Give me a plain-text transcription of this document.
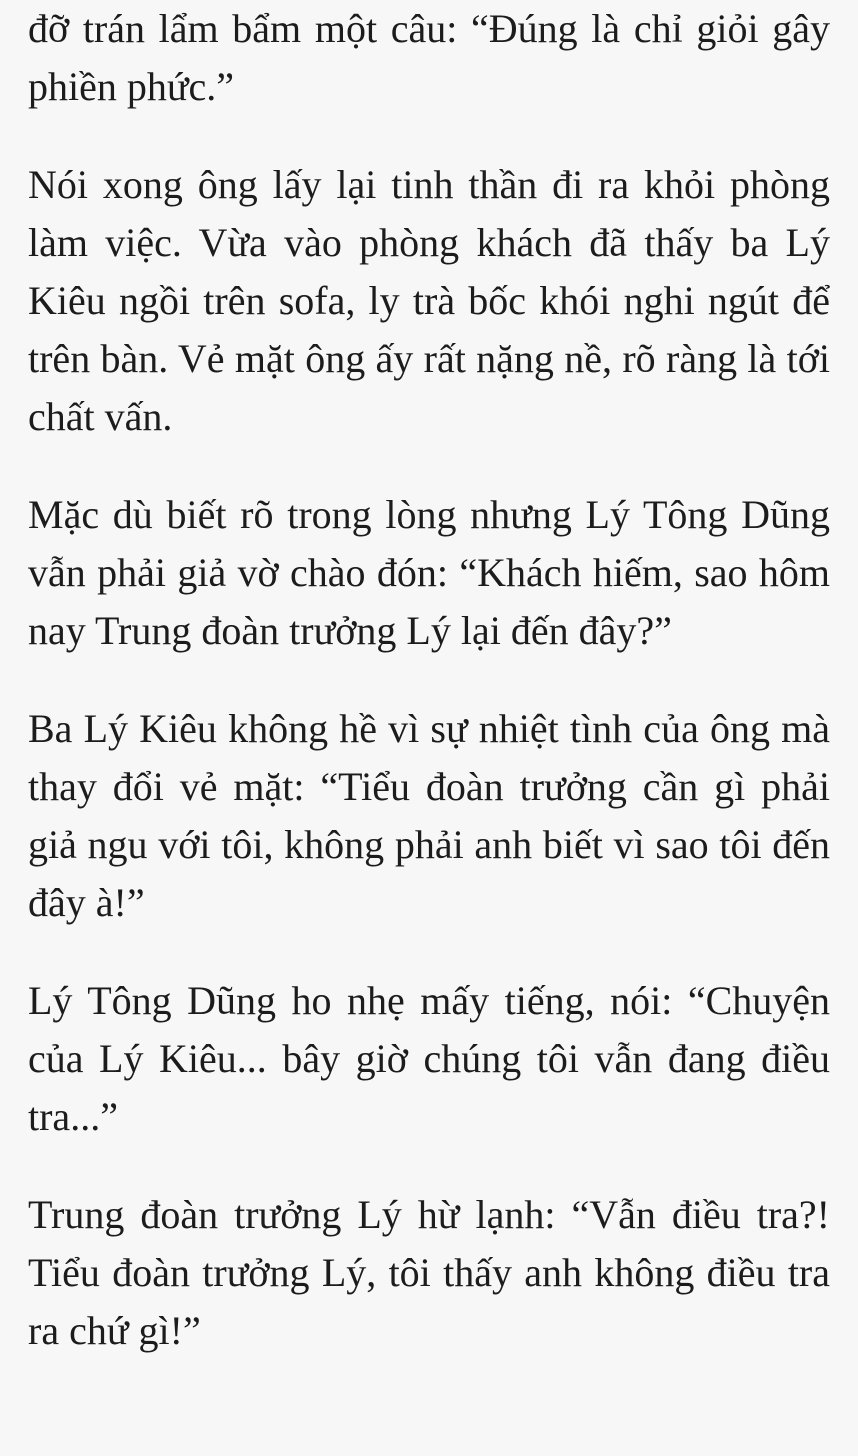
đỡ trán lẩm bẩm một câu: “Đúng là chỉ giỏi gây phiền phức.”

Nói xong ông lấy lại tinh thần đi ra khỏi phòng làm việc. Vừa vào phòng khách đã thấy ba Lý Kiêu ngồi trên sofa, ly trà bốc khói nghi ngút để trên bàn. Vẻ mặt ông ấy rất nặng nề, rõ ràng là tới chất vấn.

Mặc dù biết rõ trong lòng nhưng Lý Tông Dũng vẫn phải giả vờ chào đón: “Khách hiếm, sao hôm nay Trung đoàn trưởng Lý lại đến đây?”

Ba Lý Kiêu không hề vì sự nhiệt tình của ông mà thay đổi vẻ mặt: “Tiểu đoàn trưởng cần gì phải giả ngu với tôi, không phải anh biết vì sao tôi đến đây à!”

Lý Tông Dũng ho nhẹ mấy tiếng, nói: “Chuyện của Lý Kiêu... bây giờ chúng tôi vẫn đang điều tra...”

Trung đoàn trưởng Lý hừ lạnh: “Vẫn điều tra?! Tiểu đoàn trưởng Lý, tôi thấy anh không điều tra ra chứ gì!”
